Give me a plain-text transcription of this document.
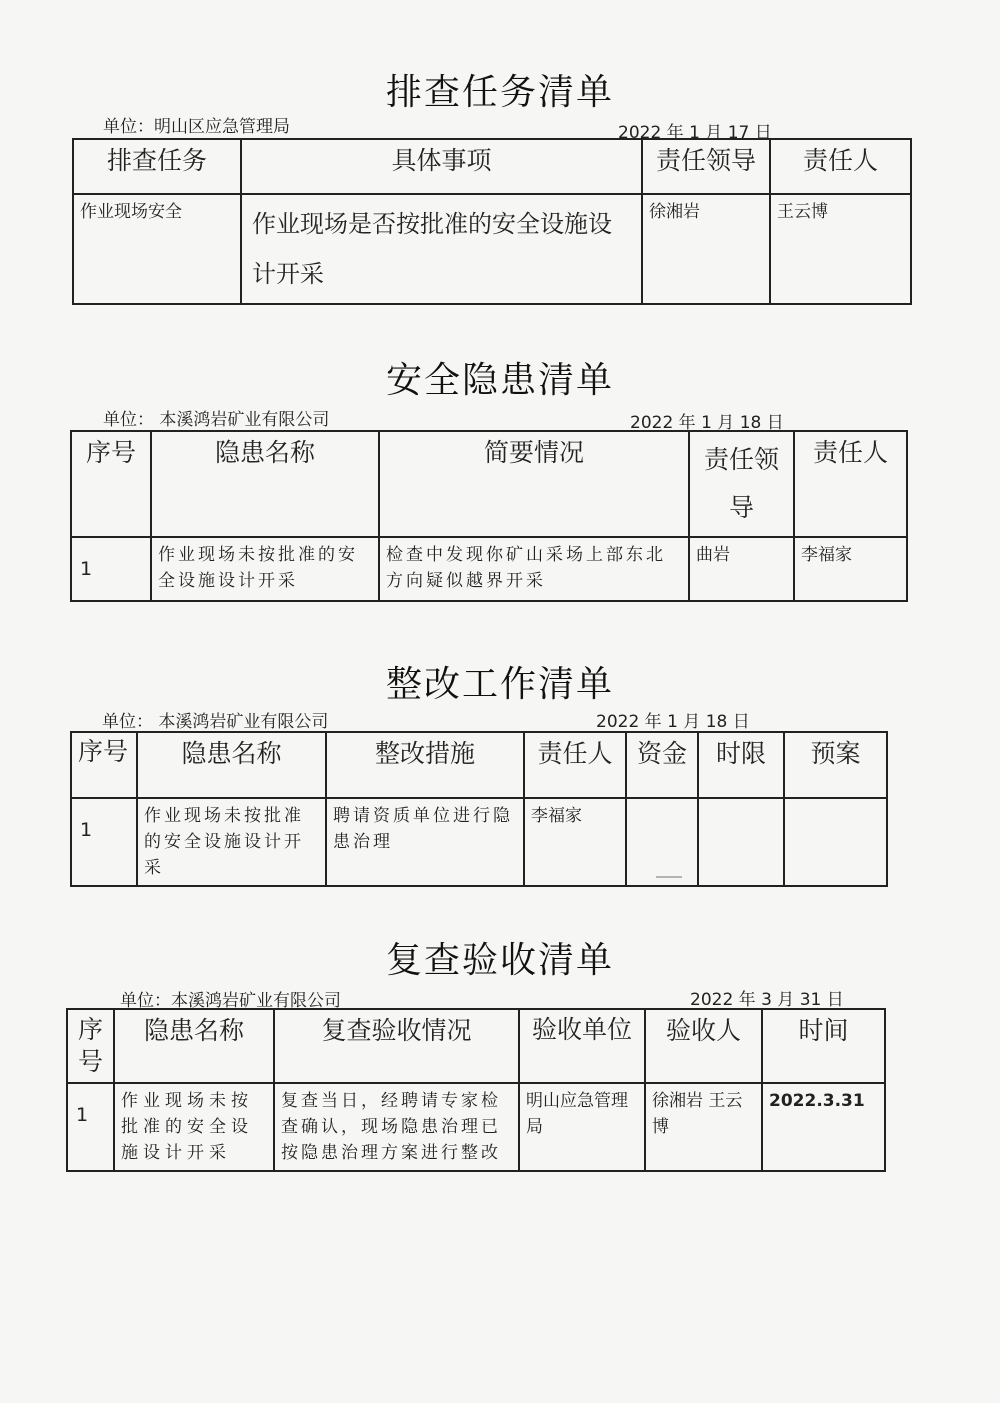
排查任务清单
单位：明山区应急管理局	2022 年 1 月 17 日
排查任务	具体事项	责任领导	责任人
作业现场安全	作业现场是否按批准的安全设施设计开采	徐湘岩	王云博
安全隐患清单
单位： 本溪鸿岩矿业有限公司	2022 年 1 月 18 日
序号	隐患名称	简要情况	责任领导	责任人
1	作业现场未按批准的安全设施设计开采	检查中发现你矿山采场上部东北方向疑似越界开采	曲岩	李福家
整改工作清单
单位： 本溪鸿岩矿业有限公司	2022 年 1 月 18 日
序号	隐患名称	整改措施	责任人	资金	时限	预案
1	作业现场未按批准的安全设施设计开采	聘请资质单位进行隐患治理	李福家			
复查验收清单
单位：本溪鸿岩矿业有限公司	2022 年 3 月 31 日
序号	隐患名称	复查验收情况	验收单位	验收人	时间
1	作业现场未按批准的安全设施设计开采	复查当日，经聘请专家检查确认，现场隐患治理已按隐患治理方案进行整改	明山应急管理局	徐湘岩 王云博	2022.3.31
